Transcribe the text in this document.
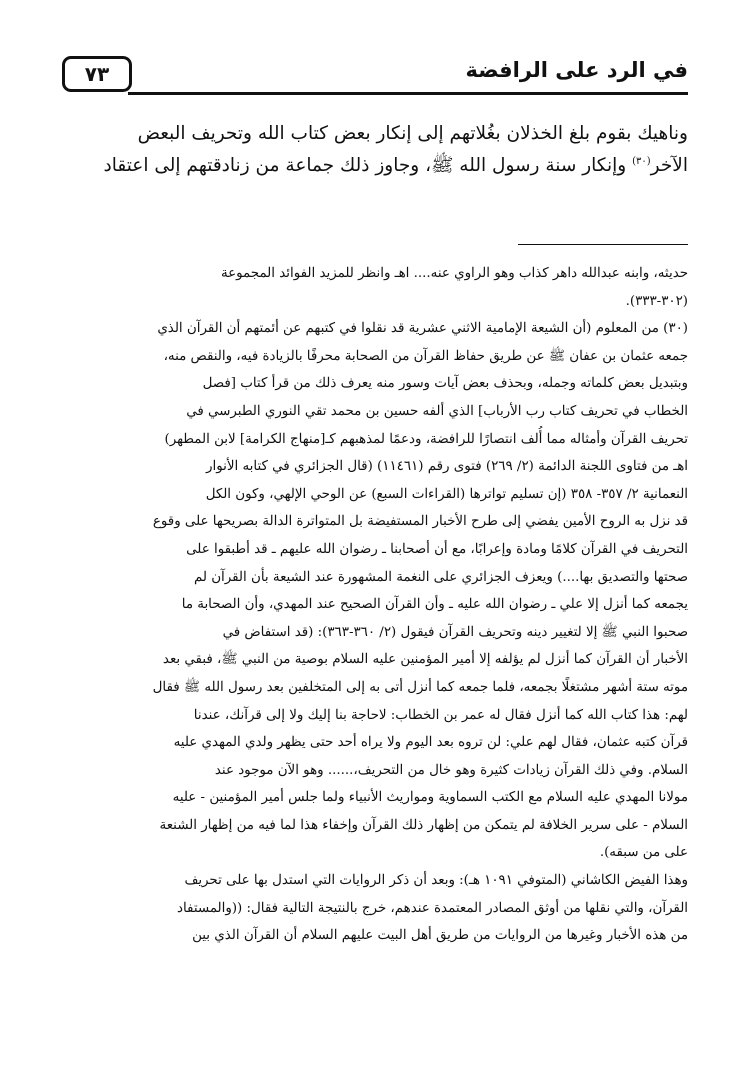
في الرد على الرافضة
٧٣
وناهيك بقوم بلغ الخذلان بغُلاتهم إلى إنكار بعض كتاب الله وتحريف البعض
الآخر$^{(٣٠)}$ وإنكار سنة رسول الله ﷺ، وجاوز ذلك جماعة من زنادقتهم إلى اعتقاد
حديثه، وابنه عبدالله داهر كذاب وهو الراوي عنه.... اهـ وانظر للمزيد الفوائد المجموعة
(٣٠٢-٣٣٣).
(٣٠) من المعلوم (أن الشيعة الإمامية الاثني عشرية قد نقلوا في كتبهم عن أئمتهم أن القرآن الذي
جمعه عثمان بن عفان ﷺ عن طريق حفاظ القرآن من الصحابة محرفًا بالزيادة فيه، والنقص منه،
وبتبديل بعض كلماته وجمله، وبحذف بعض آيات وسور منه يعرف ذلك من قرأ كتاب [فصل
الخطاب في تحريف كتاب رب الأرباب] الذي ألفه حسين بن محمد تقي النوري الطبرسي في
تحريف القرآن وأمثاله مما أُلف انتصارًا للرافضة، ودعمًا لمذهبهم كـ[منهاج الكرامة] لابن المطهر)
اهـ من فتاوى اللجنة الدائمة (٢/ ٢٦٩) فتوى رقم (١١٤٦١) (قال الجزائري في كتابه الأنوار
النعمانية ٢/ ٣٥٧- ٣٥٨ (إن تسليم تواترها (القراءات السبع) عن الوحي الإلهي، وكون الكل
قد نزل به الروح الأمين يفضي إلى طرح الأخبار المستفيضة بل المتواترة الدالة بصريحها على وقوع
التحريف في القرآن كلامًا ومادة وإعرابًا، مع أن أصحابنا ـ رضوان الله عليهم ـ قد أطبقوا على
صحتها والتصديق بها....) ويعزف الجزائري على النغمة المشهورة عند الشيعة بأن القرآن لم
يجمعه كما أنزل إلا علي ـ رضوان الله عليه ـ وأن القرآن الصحيح عند المهدي، وأن الصحابة ما
صحبوا النبي ﷺ إلا لتغيير دينه وتحريف القرآن فيقول (٢/ ٣٦٠-٣٦٣): (قد استفاض في
الأخبار أن القرآن كما أنزل لم يؤلفه إلا أمير المؤمنين عليه السلام بوصية من النبي ﷺ، فبقي بعد
موته ستة أشهر مشتغلًا بجمعه، فلما جمعه كما أنزل أتى به إلى المتخلفين بعد رسول الله ﷺ فقال
لهم: هذا كتاب الله كما أنزل فقال له عمر بن الخطاب: لاحاجة بنا إليك ولا إلى قرآنك، عندنا
قرآن كتبه عثمان، فقال لهم علي: لن تروه بعد اليوم ولا يراه أحد حتى يظهر ولدي المهدي عليه
السلام. وفي ذلك القرآن زيادات كثيرة وهو خال من التحريف،...... وهو الآن موجود عند
مولانا المهدي عليه السلام مع الكتب السماوية ومواريث الأنبياء ولما جلس أمير المؤمنين - عليه
السلام - على سرير الخلافة لم يتمكن من إظهار ذلك القرآن وإخفاء هذا لما فيه من إظهار الشنعة
على من سبقه).
وهذا الفيض الكاشاني (المتوفي ١٠٩١ هـ): وبعد أن ذكر الروايات التي استدل بها على تحريف
القرآن، والتي نقلها من أوثق المصادر المعتمدة عندهم، خرج بالنتيجة التالية فقال: ((والمستفاد
من هذه الأخبار وغيرها من الروايات من طريق أهل البيت عليهم السلام أن القرآن الذي بين
